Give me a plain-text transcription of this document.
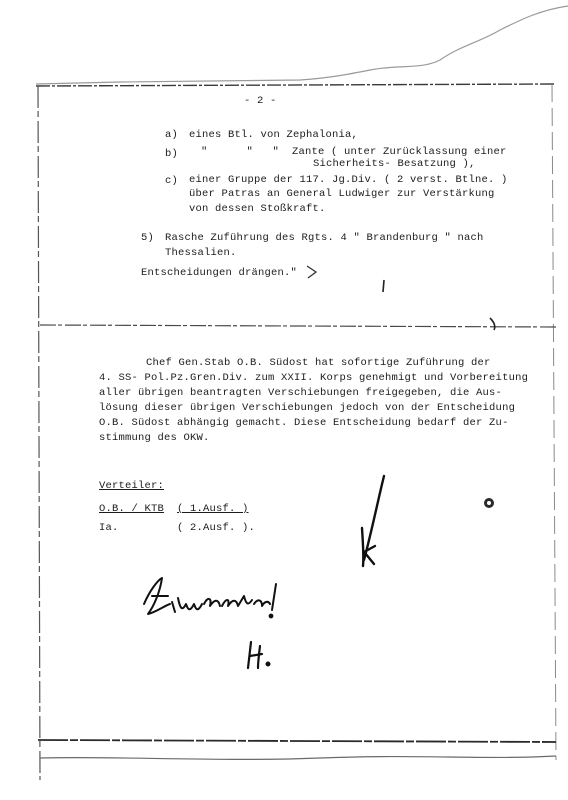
- 2 -
a) eines Btl. von Zephalonia,
b) "      "   "  Zante ( unter Zurücklassung einer
Sicherheits- Besatzung ),
c) einer Gruppe der 117. Jg.Div. ( 2 verst. Btlne. )
über Patras an General Ludwiger zur Verstärkung
von dessen Stoßkraft.
5) Rasche Zuführung des Rgts. 4 " Brandenburg " nach
Thessalien.
Entscheidungen drängen."
Chef Gen.Stab O.B. Südost hat sofortige Zuführung der
4. SS- Pol.Pz.Gren.Div. zum XXII. Korps genehmigt und Vorbereitung
aller übrigen beantragten Verschiebungen freigegeben, die Aus-
lösung dieser übrigen Verschiebungen jedoch von der Entscheidung
O.B. Südost abhängig gemacht. Diese Entscheidung bedarf der Zu-
stimmung des OKW.
Verteiler:
O.B. / KTB ( 1.Ausf. )
Ia.	( 2.Ausf. ).
